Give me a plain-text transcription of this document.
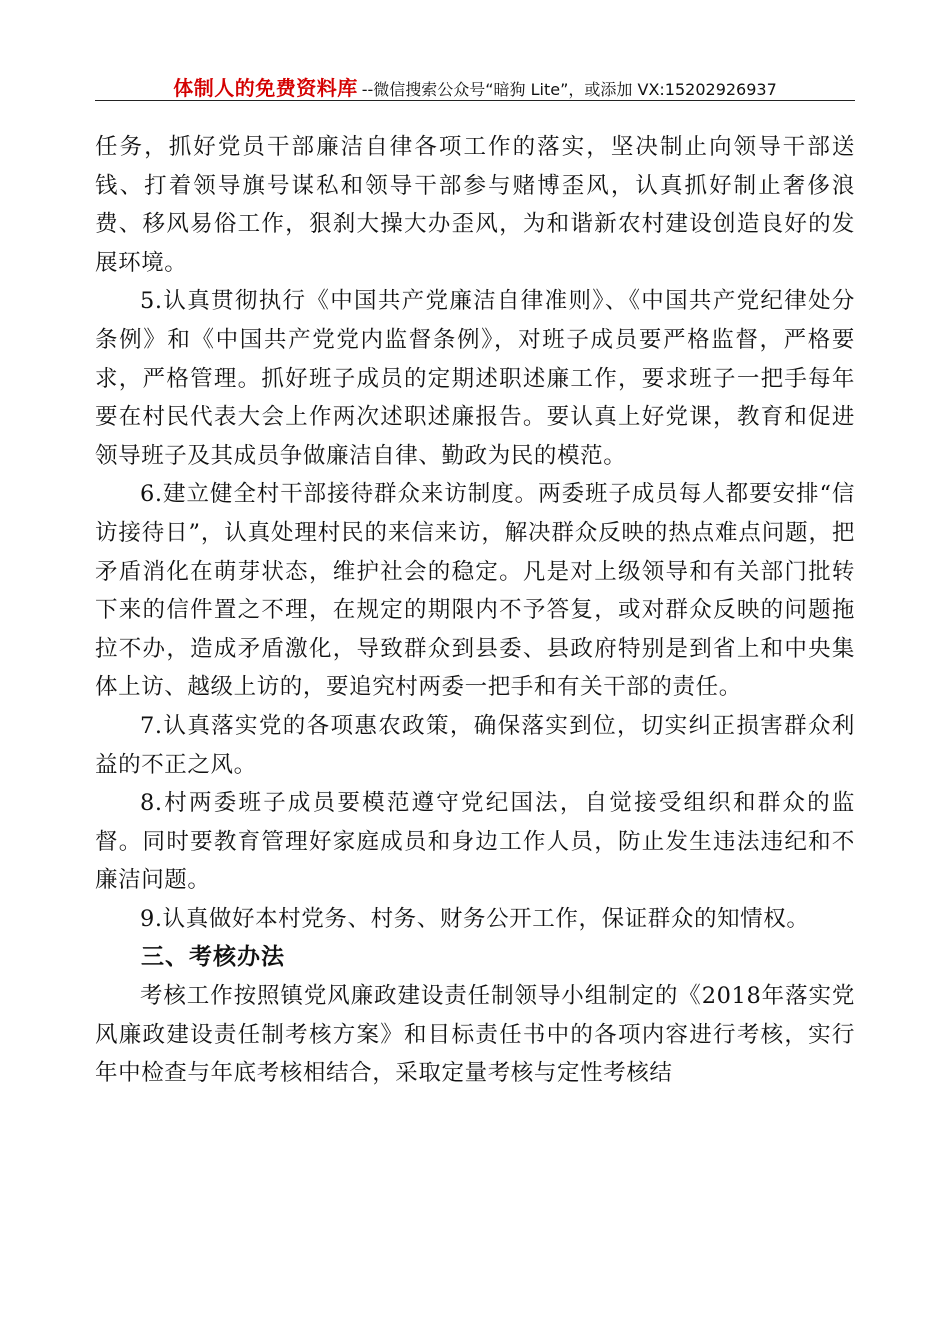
体制人的免费资料库 --微信搜索公众号“暗狗 Lite”，或添加 VX:15202926937

任务，抓好党员干部廉洁自律各项工作的落实，坚决制止向领导干部送钱、打着领导旗号谋私和领导干部参与赌博歪风，认真抓好制止奢侈浪费、移风易俗工作，狠刹大操大办歪风，为和谐新农村建设创造良好的发展环境。

5.认真贯彻执行《中国共产党廉洁自律准则》、《中国共产党纪律处分条例》和《中国共产党党内监督条例》，对班子成员要严格监督，严格要求，严格管理。抓好班子成员的定期述职述廉工作，要求班子一把手每年要在村民代表大会上作两次述职述廉报告。要认真上好党课，教育和促进领导班子及其成员争做廉洁自律、勤政为民的模范。

6.建立健全村干部接待群众来访制度。两委班子成员每人都要安排“信访接待日”，认真处理村民的来信来访，解决群众反映的热点难点问题，把矛盾消化在萌芽状态，维护社会的稳定。凡是对上级领导和有关部门批转下来的信件置之不理，在规定的期限内不予答复，或对群众反映的问题拖拉不办，造成矛盾激化，导致群众到县委、县政府特别是到省上和中央集体上访、越级上访的，要追究村两委一把手和有关干部的责任。

7.认真落实党的各项惠农政策，确保落实到位，切实纠正损害群众利益的不正之风。

8.村两委班子成员要模范遵守党纪国法，自觉接受组织和群众的监督。同时要教育管理好家庭成员和身边工作人员，防止发生违法违纪和不廉洁问题。

9.认真做好本村党务、村务、财务公开工作，保证群众的知情权。

三、考核办法

考核工作按照镇党风廉政建设责任制领导小组制定的《2018年落实党风廉政建设责任制考核方案》和目标责任书中的各项内容进行考核，实行年中检查与年底考核相结合，采取定量考核与定性考核结
